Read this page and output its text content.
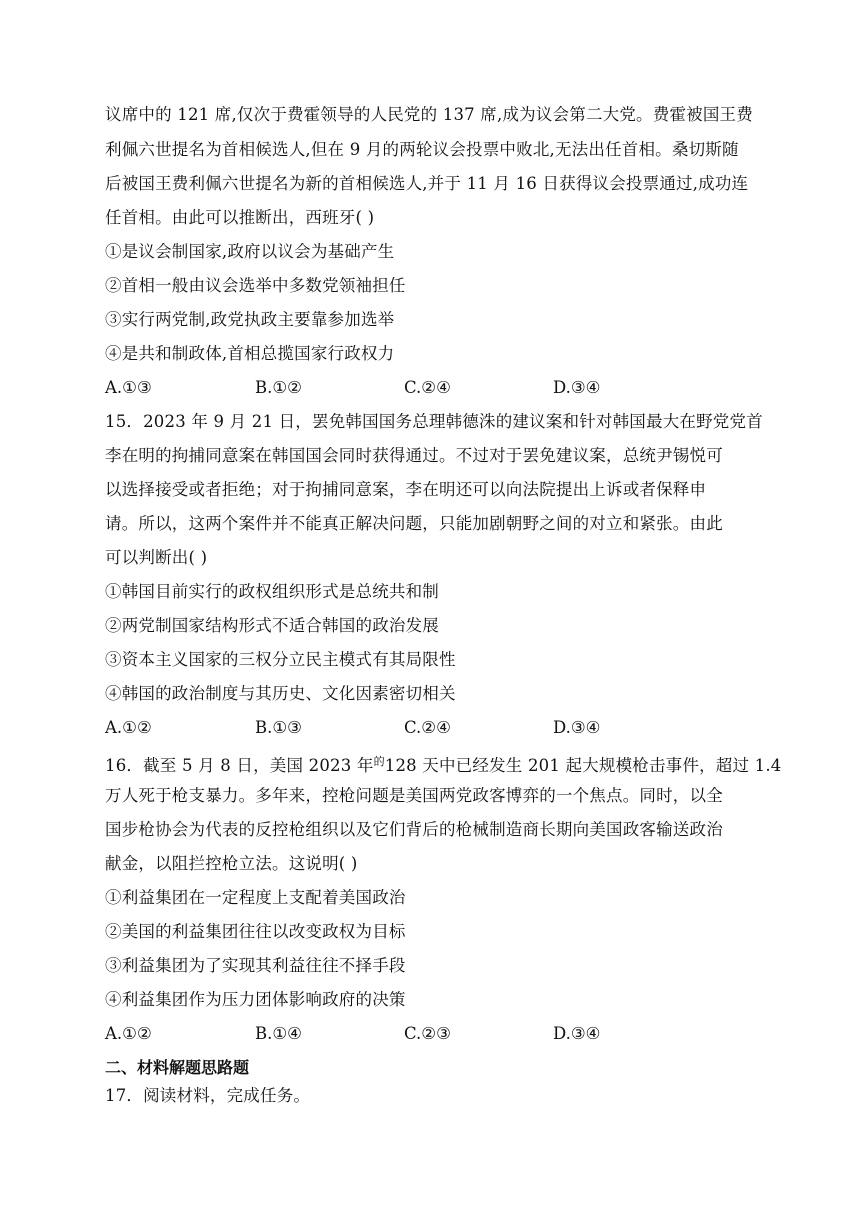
议席中的 121 席,仅次于费霍领导的人民党的 137 席,成为议会第二大党。费霍被国王费
利佩六世提名为首相候选人,但在 9 月的两轮议会投票中败北,无法出任首相。桑切斯随
后被国王费利佩六世提名为新的首相候选人,并于 11 月 16 日获得议会投票通过,成功连
任首相。由此可以推断出，西班牙( )
①是议会制国家,政府以议会为基础产生
②首相一般由议会选举中多数党领袖担任
③实行两党制,政党执政主要靠参加选举
④是共和制政体,首相总揽国家行政权力
A.①③	B.①②	C.②④	D.③④
15．2023 年 9 月 21 日，罢免韩国国务总理韩德洙的建议案和针对韩国最大在野党党首
李在明的拘捕同意案在韩国国会同时获得通过。不过对于罢免建议案，总统尹锡悦可
以选择接受或者拒绝；对于拘捕同意案，李在明还可以向法院提出上诉或者保释申
请。所以，这两个案件并不能真正解决问题，只能加剧朝野之间的对立和紧张。由此
可以判断出( )
①韩国目前实行的政权组织形式是总统共和制
②两党制国家结构形式不适合韩国的政治发展
③资本主义国家的三权分立民主模式有其局限性
④韩国的政治制度与其历史、文化因素密切相关
A.①②	B.①③	C.②④	D.③④
16．截至 5 月 8 日，美国 2023 年$^的$128 天中已经发生 201 起大规模枪击事件，超过 1.4
万人死于枪支暴力。多年来，控枪问题是美国两党政客博弈的一个焦点。同时，以全
国步枪协会为代表的反控枪组织以及它们背后的枪械制造商长期向美国政客输送政治
献金，以阻拦控枪立法。这说明( )
①利益集团在一定程度上支配着美国政治
②美国的利益集团往往以改变政权为目标
③利益集团为了实现其利益往往不择手段
④利益集团作为压力团体影响政府的决策
A.①②	B.①④	C.②③	D.③④
二、材料解题思路题
17．阅读材料，完成任务。
